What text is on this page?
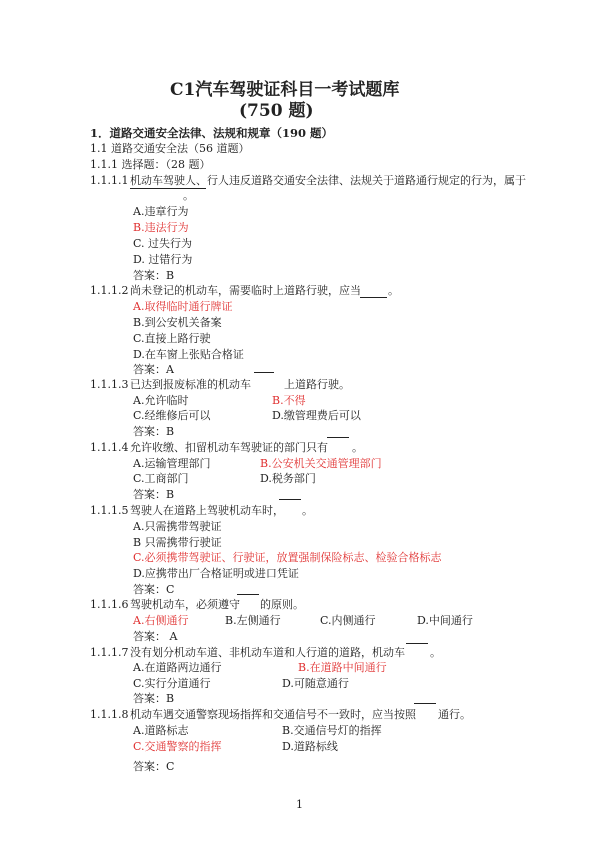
C1汽车驾驶证科目一考试题库
(750 题)
1．道路交通安全法律、法规和规章（190 题）
1.1 道路交通安全法（56 道题）
1.1.1 选择题：（28 题）
1.1.1.1 机动车驾驶人、行人违反道路交通安全法律、法规关于道路通行规定的行为，属于
。
A.违章行为
B.违法行为
C. 过失行为
D. 过错行为
答案：B
1.1.1.2 尚未登记的机动车，需要临时上道路行驶，应当 。
A.取得临时通行牌证
B.到公安机关备案
C.直接上路行驶
D.在车窗上张贴合格证
答案：A
1.1.1.3 已达到报废标准的机动车	上道路行驶。
A.允许临时	B.不得
C.经维修后可以	D.缴管理费后可以
答案：B
1.1.1.4 允许收缴、扣留机动车驾驶证的部门只有 。
A.运输管理部门	B.公安机关交通管理部门
C.工商部门	D.税务部门
答案：B
1.1.1.5 驾驶人在道路上驾驶机动车时， 。
A.只需携带驾驶证
B 只需携带行驶证
C.必须携带驾驶证、行驶证，放置强制保险标志、检验合格标志
D.应携带出厂合格证明或进口凭证
答案：C
1.1.1.6 驾驶机动车，必须遵守 的原则。
A.右侧通行	B.左侧通行	C.内侧通行	D.中间通行
答案： A
1.1.1.7 没有划分机动车道、非机动车道和人行道的道路，机动车 。
A.在道路两边通行	B.在道路中间通行
C.实行分道通行	D.可随意通行
答案：B
1.1.1.8 机动车遇交通警察现场指挥和交通信号不一致时，应当按照 通行。
A.道路标志	B.交通信号灯的指挥
C.交通警察的指挥	D.道路标线
答案：C
1
